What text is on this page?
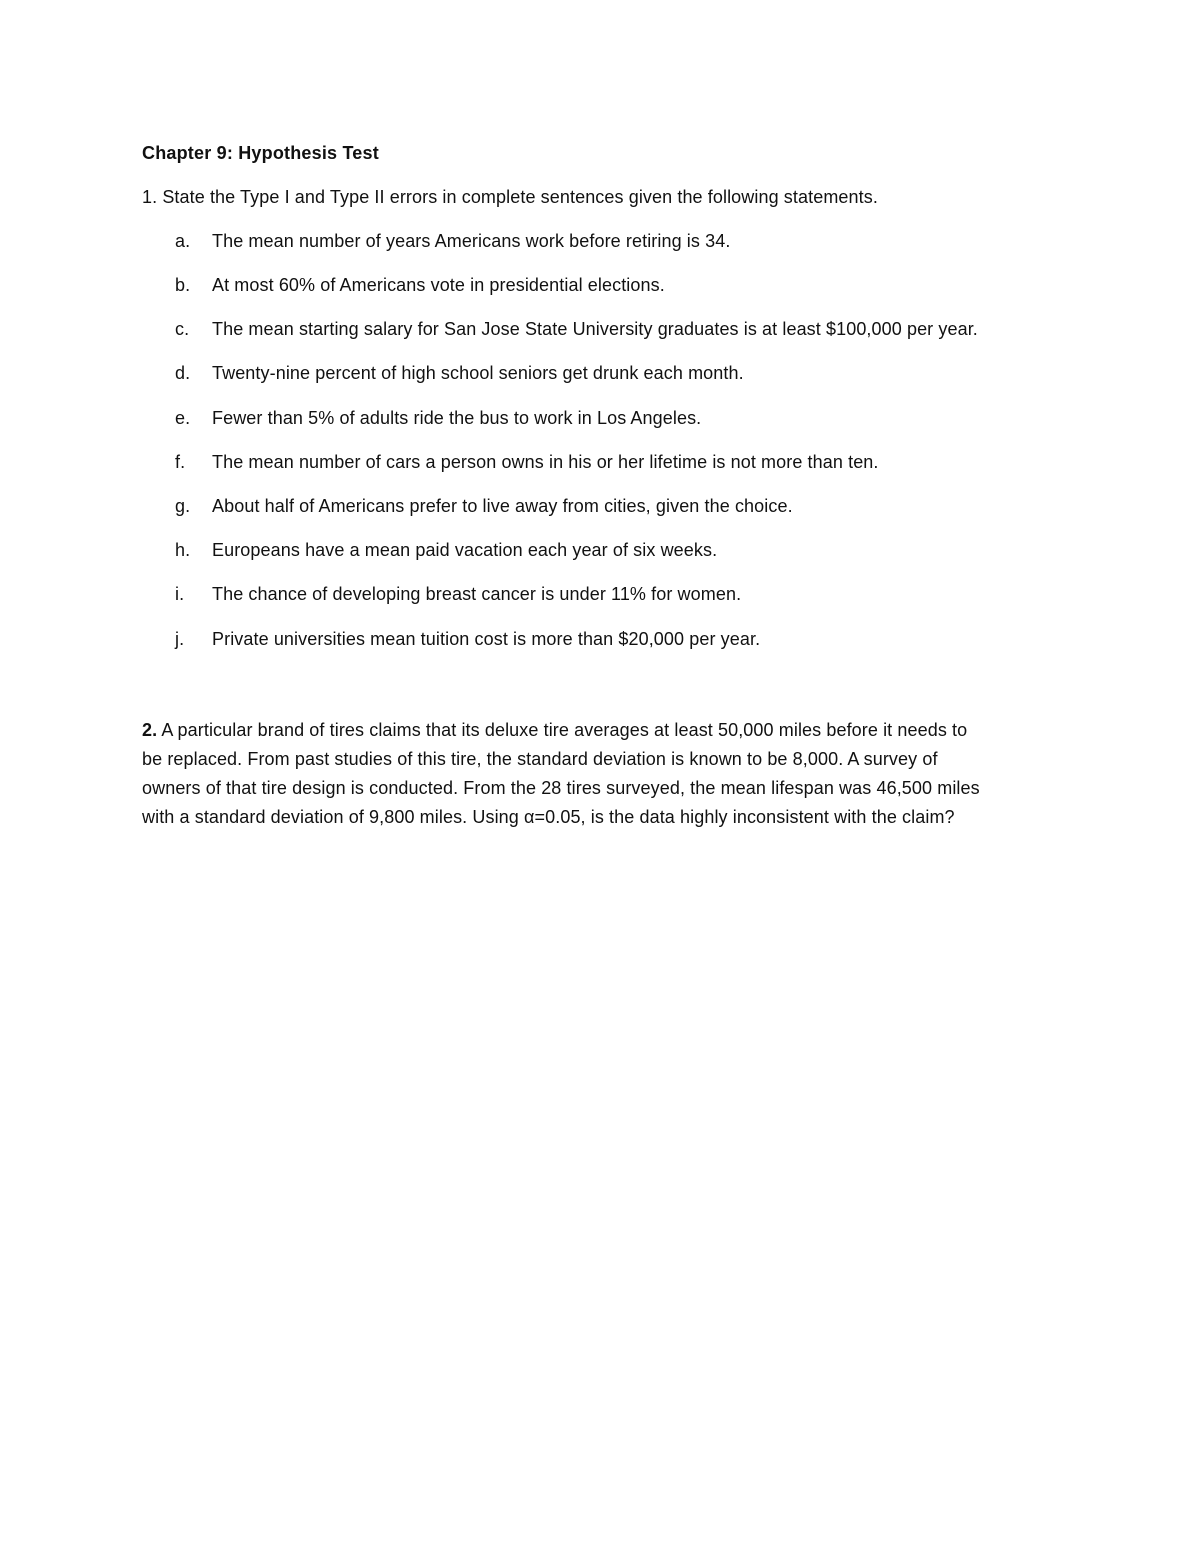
Chapter 9: Hypothesis Test
1. State the Type I and Type II errors in complete sentences given the following statements.
a. The mean number of years Americans work before retiring is 34.
b. At most 60% of Americans vote in presidential elections.
c. The mean starting salary for San Jose State University graduates is at least $100,000 per year.
d. Twenty-nine percent of high school seniors get drunk each month.
e. Fewer than 5% of adults ride the bus to work in Los Angeles.
f. The mean number of cars a person owns in his or her lifetime is not more than ten.
g. About half of Americans prefer to live away from cities, given the choice.
h. Europeans have a mean paid vacation each year of six weeks.
i. The chance of developing breast cancer is under 11% for women.
j. Private universities mean tuition cost is more than $20,000 per year.
2. A particular brand of tires claims that its deluxe tire averages at least 50,000 miles before it needs to
be replaced. From past studies of this tire, the standard deviation is known to be 8,000. A survey of
owners of that tire design is conducted. From the 28 tires surveyed, the mean lifespan was 46,500 miles
with a standard deviation of 9,800 miles. Using α=0.05, is the data highly inconsistent with the claim?
